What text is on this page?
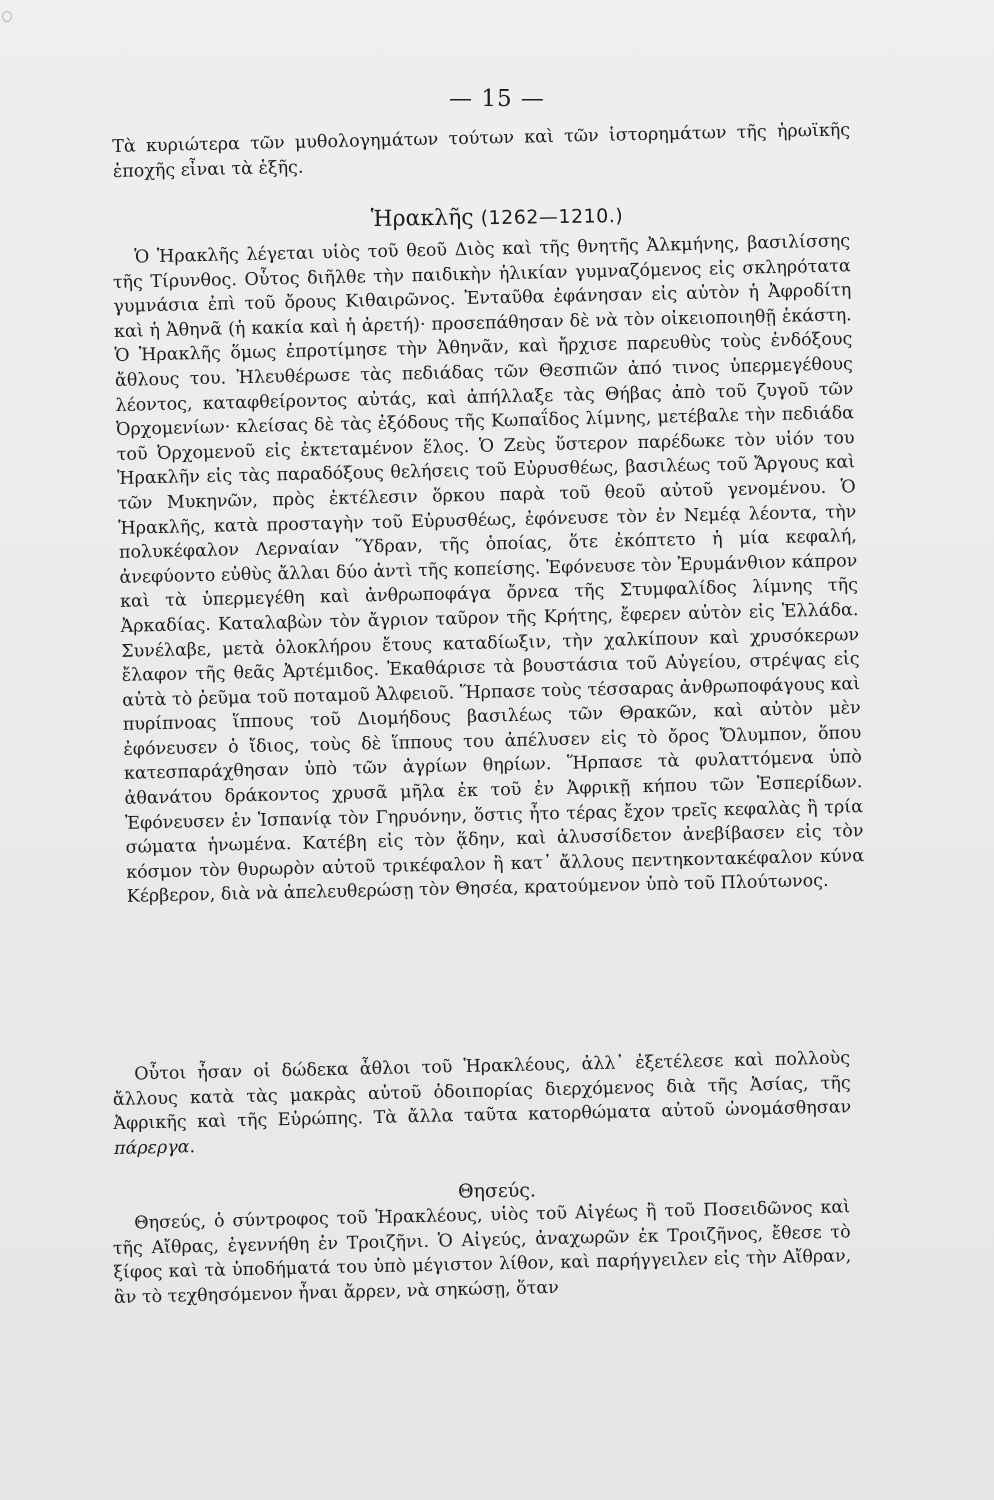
— 15 —

Τὰ κυριώτερα τῶν μυθολογημάτων τούτων καὶ τῶν ἱστορημάτων τῆς ἡρωϊκῆς ἐποχῆς εἶναι τὰ ἑξῆς.

Ἡρακλῆς (1262—1210.)

Ὁ Ἡρακλῆς λέγεται υἱὸς τοῦ θεοῦ Διὸς καὶ τῆς θνητῆς Ἀλκμήνης, βασιλίσσης τῆς Τίρυνθος. Οὗτος διῆλθε τὴν παιδικὴν ἡλικίαν γυμναζόμενος εἰς σκληρότατα γυμνάσια ἐπὶ τοῦ ὄρους Κιθαιρῶνος. Ἐνταῦθα ἐφάνησαν εἰς αὐτὸν ἡ Ἀφροδίτη καὶ ἡ Ἀθηνᾶ (ἡ κακία καὶ ἡ ἀρετή)· προσεπάθησαν δὲ νὰ τὸν οἰκειοποιηθῇ ἑκάστη. Ὁ Ἡρακλῆς ὅμως ἐπροτίμησε τὴν Ἀθηνᾶν, καὶ ἤρχισε παρευθὺς τοὺς ἐνδόξους ἄθλους του. Ἠλευθέρωσε τὰς πεδιάδας τῶν Θεσπιῶν ἀπό τινος ὑπερμεγέθους λέοντος, καταφθείροντος αὐτάς, καὶ ἀπήλλαξε τὰς Θήβας ἀπὸ τοῦ ζυγοῦ τῶν Ὀρχομενίων· κλείσας δὲ τὰς ἐξόδους τῆς Κωπαΐδος λίμνης, μετέβαλε τὴν πεδιάδα τοῦ Ὀρχομενοῦ εἰς ἐκτεταμένον ἕλος. Ὁ Ζεὺς ὕστερον παρέδωκε τὸν υἱόν του Ἡρακλῆν εἰς τὰς παραδόξους θελήσεις τοῦ Εὐρυσθέως, βασιλέως τοῦ Ἄργους καὶ τῶν Μυκηνῶν, πρὸς ἐκτέλεσιν ὅρκου παρὰ τοῦ θεοῦ αὐτοῦ γενομένου. Ὁ Ἡρακλῆς, κατὰ προσταγὴν τοῦ Εὐρυσθέως, ἐφόνευσε τὸν ἐν Νεμέᾳ λέοντα, τὴν πολυκέφαλον Λερναίαν Ὕδραν, τῆς ὁποίας, ὅτε ἐκόπτετο ἡ μία κεφαλή, ἀνεφύοντο εὐθὺς ἄλλαι δύο ἀντὶ τῆς κοπείσης. Ἐφόνευσε τὸν Ἐρυμάνθιον κάπρον καὶ τὰ ὑπερμεγέθη καὶ ἀνθρωποφάγα ὄρνεα τῆς Στυμφαλίδος λίμνης τῆς Ἀρκαδίας. Καταλαβὼν τὸν ἄγριον ταῦρον τῆς Κρήτης, ἔφερεν αὐτὸν εἰς Ἑλλάδα. Συνέλαβε, μετὰ ὁλοκλήρου ἔτους καταδίωξιν, τὴν χαλκίπουν καὶ χρυσόκερων ἔλαφον τῆς θεᾶς Ἀρτέμιδος. Ἐκαθάρισε τὰ βουστάσια τοῦ Αὐγείου, στρέψας εἰς αὐτὰ τὸ ῥεῦμα τοῦ ποταμοῦ Ἀλφειοῦ. Ἥρπασε τοὺς τέσσαρας ἀνθρωποφάγους καὶ πυρίπνοας ἵππους τοῦ Διομήδους βασιλέως τῶν Θρακῶν, καὶ αὐτὸν μὲν ἐφόνευσεν ὁ ἴδιος, τοὺς δὲ ἵππους του ἀπέλυσεν εἰς τὸ ὄρος Ὄλυμπον, ὅπου κατεσπαράχθησαν ὑπὸ τῶν ἀγρίων θηρίων. Ἥρπασε τὰ φυλαττόμενα ὑπὸ ἀθανάτου δράκοντος χρυσᾶ μῆλα ἐκ τοῦ ἐν Ἀφρικῇ κήπου τῶν Ἑσπερίδων. Ἐφόνευσεν ἐν Ἱσπανίᾳ τὸν Γηρυόνην, ὅστις ἦτο τέρας ἔχον τρεῖς κεφαλὰς ἢ τρία σώματα ἡνωμένα. Κατέβη εἰς τὸν ᾅδην, καὶ ἀλυσσίδετον ἀνεβίβασεν εἰς τὸν κόσμον τὸν θυρωρὸν αὐτοῦ τρικέφαλον ἢ κατ᾽ ἄλλους πεντηκοντακέφαλον κύνα Κέρβερον, διὰ νὰ ἀπελευθερώσῃ τὸν Θησέα, κρατούμενον ὑπὸ τοῦ Πλούτωνος.

Οὗτοι ἦσαν οἱ δώδεκα ἆθλοι τοῦ Ἡρακλέους, ἀλλ᾽ ἐξετέλεσε καὶ πολλοὺς ἄλλους κατὰ τὰς μακρὰς αὐτοῦ ὁδοιπορίας διερχόμενος διὰ τῆς Ἀσίας, τῆς Ἀφρικῆς καὶ τῆς Εὐρώπης. Τὰ ἄλλα ταῦτα κατορθώματα αὐτοῦ ὠνομάσθησαν πάρεργα.

Θησεύς.

Θησεύς, ὁ σύντροφος τοῦ Ἡρακλέους, υἱὸς τοῦ Αἰγέως ἢ τοῦ Ποσειδῶνος καὶ τῆς Αἴθρας, ἐγεννήθη ἐν Τροιζῆνι. Ὁ Αἰγεύς, ἀναχωρῶν ἐκ Τροιζῆνος, ἔθεσε τὸ ξίφος καὶ τὰ ὑποδήματά του ὑπὸ μέγιστον λίθον, καὶ παρήγγειλεν εἰς τὴν Αἴθραν, ἂν τὸ τεχθησόμενον ἦναι ἄρρεν, νὰ σηκώσῃ, ὅταν
